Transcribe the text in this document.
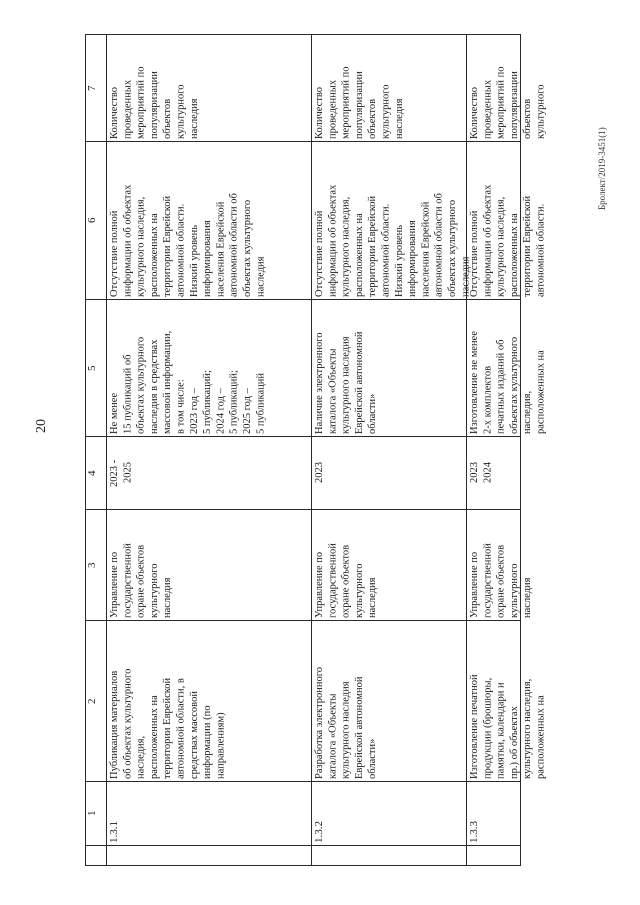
20
Бролект/2019-3451(1)
7
6
5
4
3
2
1
Количество
проведенных
мероприятий по
популяризации
объектов
культурного
наследия
Отсутствие полной
информации об объектах
культурного наследия,
расположенных на
территории Еврейской
автономной области.
Низкий уровень
информирования
населения Еврейской
автономной области об
объектах культурного
наследия
Не менее
15 публикаций об
объектах культурного
наследия в средствах
массовой информации,
в том числе:
2023 год –
5 публикаций;
2024 год –
5 публикаций;
2025 год –
5 публикаций
2023 -
2025
Управление по
государственной
охране объектов
культурного
наследия
Публикация материалов
об объектах культурного
наследия,
расположенных на
территории Еврейской
автономной области, в
средствах массовой
информации (по
направлениям)
1.3.1
Количество
проведенных
мероприятий по
популяризации
объектов
культурного
наследия
Отсутствие полной
информации об объектах
культурного наследия,
расположенных на
территории Еврейской
автономной области.
Низкий уровень
информирования
населения Еврейской
автономной области об
объектах культурного
наследия
Наличие электронного
каталога «Объекты
культурного наследия
Еврейской автономной
области»
2023
Управление по
государственной
охране объектов
культурного
наследия
Разработка электронного
каталога «Объекты
культурного наследия
Еврейской автономной
области»
1.3.2
Количество
проведенных
мероприятий по
популяризации
объектов
культурного
Отсутствие полной
информации об объектах
культурного наследия,
расположенных на
территории Еврейской
автономной области.
Изготовление не менее
2-х комплектов
печатных изданий об
объектах культурного
наследия,
расположенных на
2023
2024
Управление по
государственной
охране объектов
культурного
наследия
Изготовление печатной
продукции (брошюры,
памятки, календари и
пр.) об объектах
культурного наследия,
расположенных на
1.3.3
